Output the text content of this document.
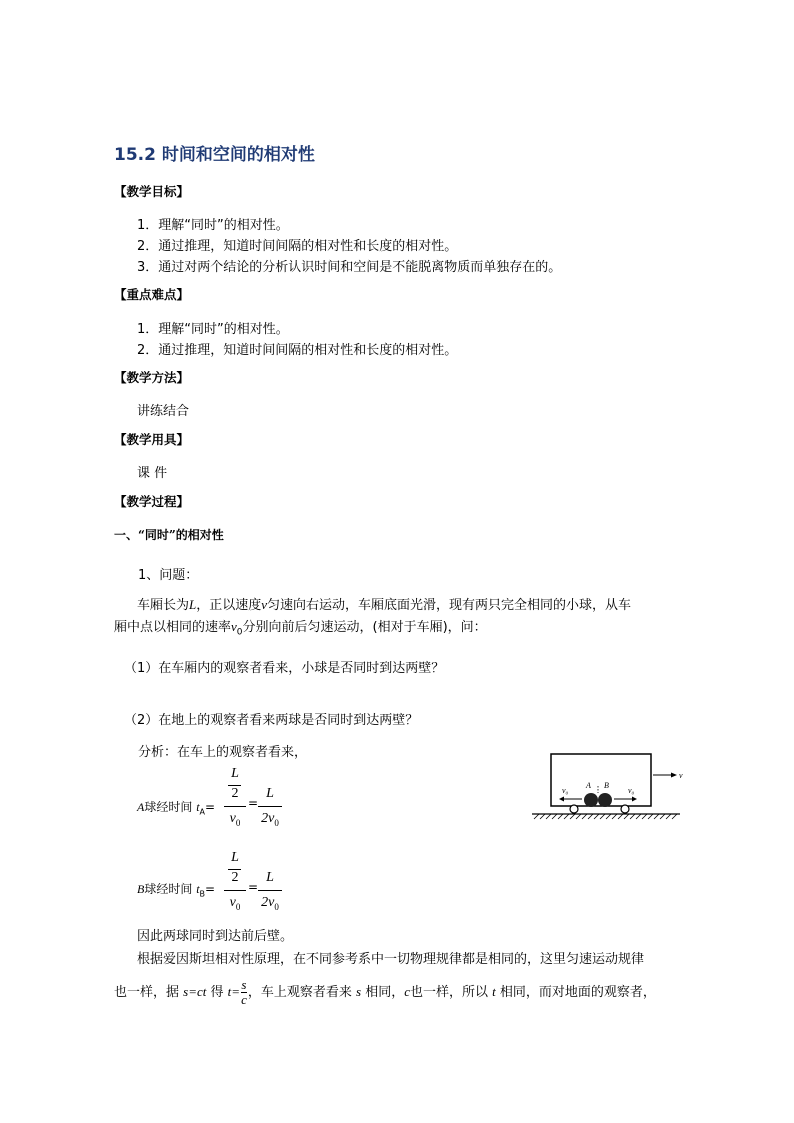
15.2 时间和空间的相对性
【教学目标】
1．理解“同时”的相对性。
2．通过推理，知道时间间隔的相对性和长度的相对性。
3．通过对两个结论的分析认识时间和空间是不能脱离物质而单独存在的。
【重点难点】
1．理解“同时”的相对性。
2．通过推理，知道时间间隔的相对性和长度的相对性。
【教学方法】
讲练结合
【教学用具】
课 件
【教学过程】
一、“同时”的相对性
1、问题：
车厢长为L，正以速度v匀速向右运动，车厢底面光滑，现有两只完全相同的小球，从车
厢中点以相同的速率$v_0$分别向前后匀速运动，(相对于车厢)，问：
（1）在车厢内的观察者看来，小球是否同时到达两壁？
（2）在地上的观察者看来两球是否同时到达两壁？
分析：在车上的观察者看来，
A球经时间 $t_A=$
L
2
$v_0$
=
L
$2v_0$
B球经时间 $t_B=$
L
2
$v_0$
=
L
$2v_0$
因此两球同时到达前后壁。
根据爱因斯坦相对性原理，在不同参考系中一切物理规律都是相同的，这里匀速运动规律
也一样，据 s=ct 得 $t= \frac{s}{c}$ ，车上观察者看来 s 相同，c也一样，所以 t 相同，而对地面的观察者，
A B
v₀	v₀
v
